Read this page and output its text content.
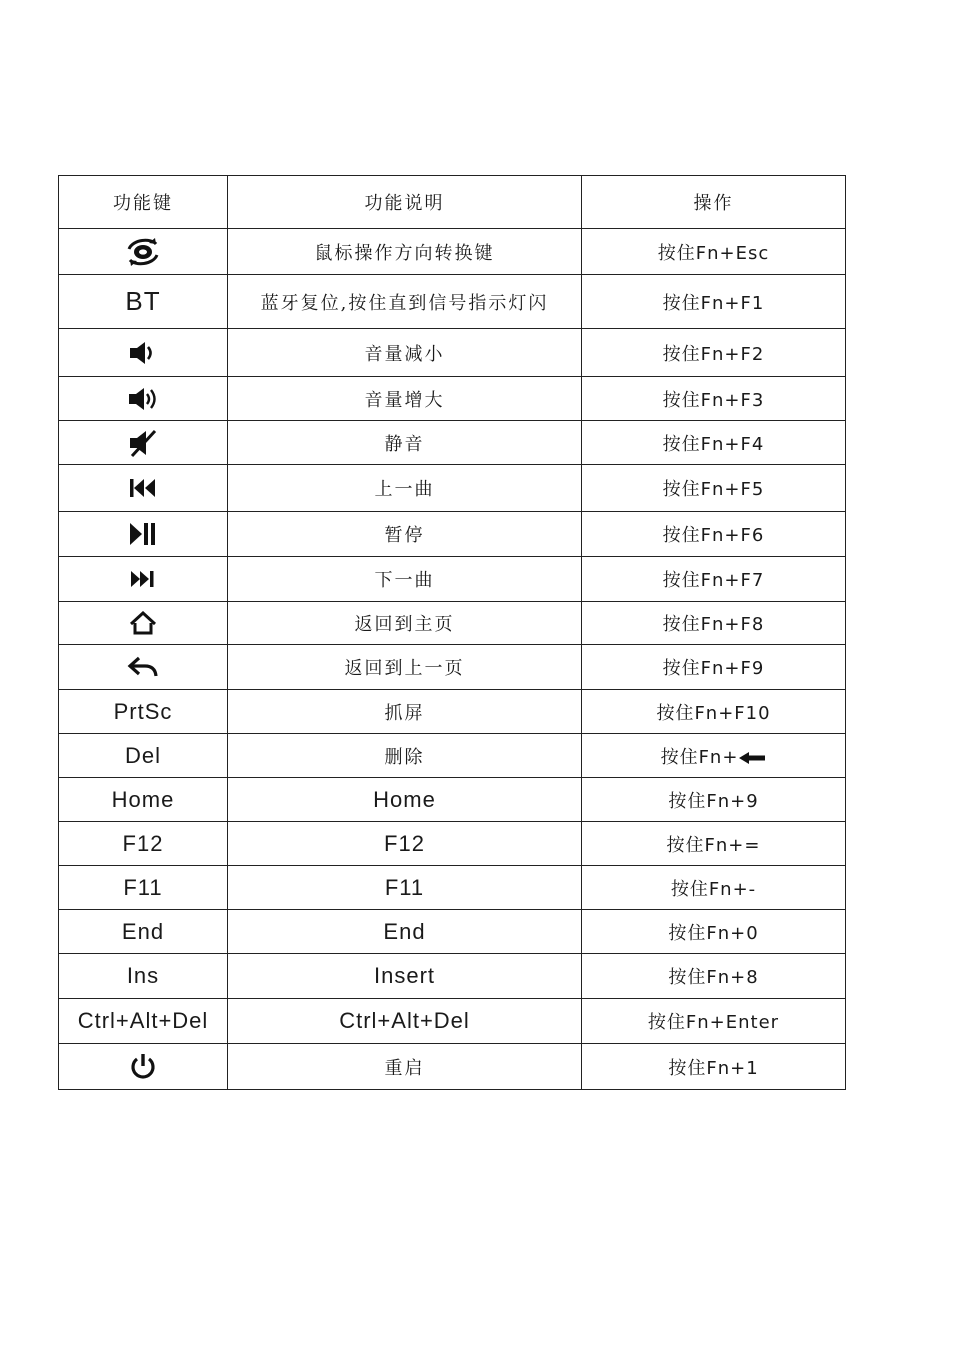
功能键	功能说明	操作
	鼠标操作方向转换键	按住Fn+Esc
BT	蓝牙复位,按住直到信号指示灯闪	按住Fn+F1
	音量减小	按住Fn+F2
	音量增大	按住Fn+F3
	静音	按住Fn+F4
	上一曲	按住Fn+F5
	暂停	按住Fn+F6
	下一曲	按住Fn+F7
	返回到主页	按住Fn+F8
	返回到上一页	按住Fn+F9
PrtSc	抓屏	按住Fn+F10
Del	删除	按住Fn+
Home	Home	按住Fn+9
F12	F12	按住Fn+=
F11	F11	按住Fn+-
End	End	按住Fn+0
Ins	Insert	按住Fn+8
Ctrl+Alt+Del	Ctrl+Alt+Del	按住Fn+Enter
	重启	按住Fn+1
